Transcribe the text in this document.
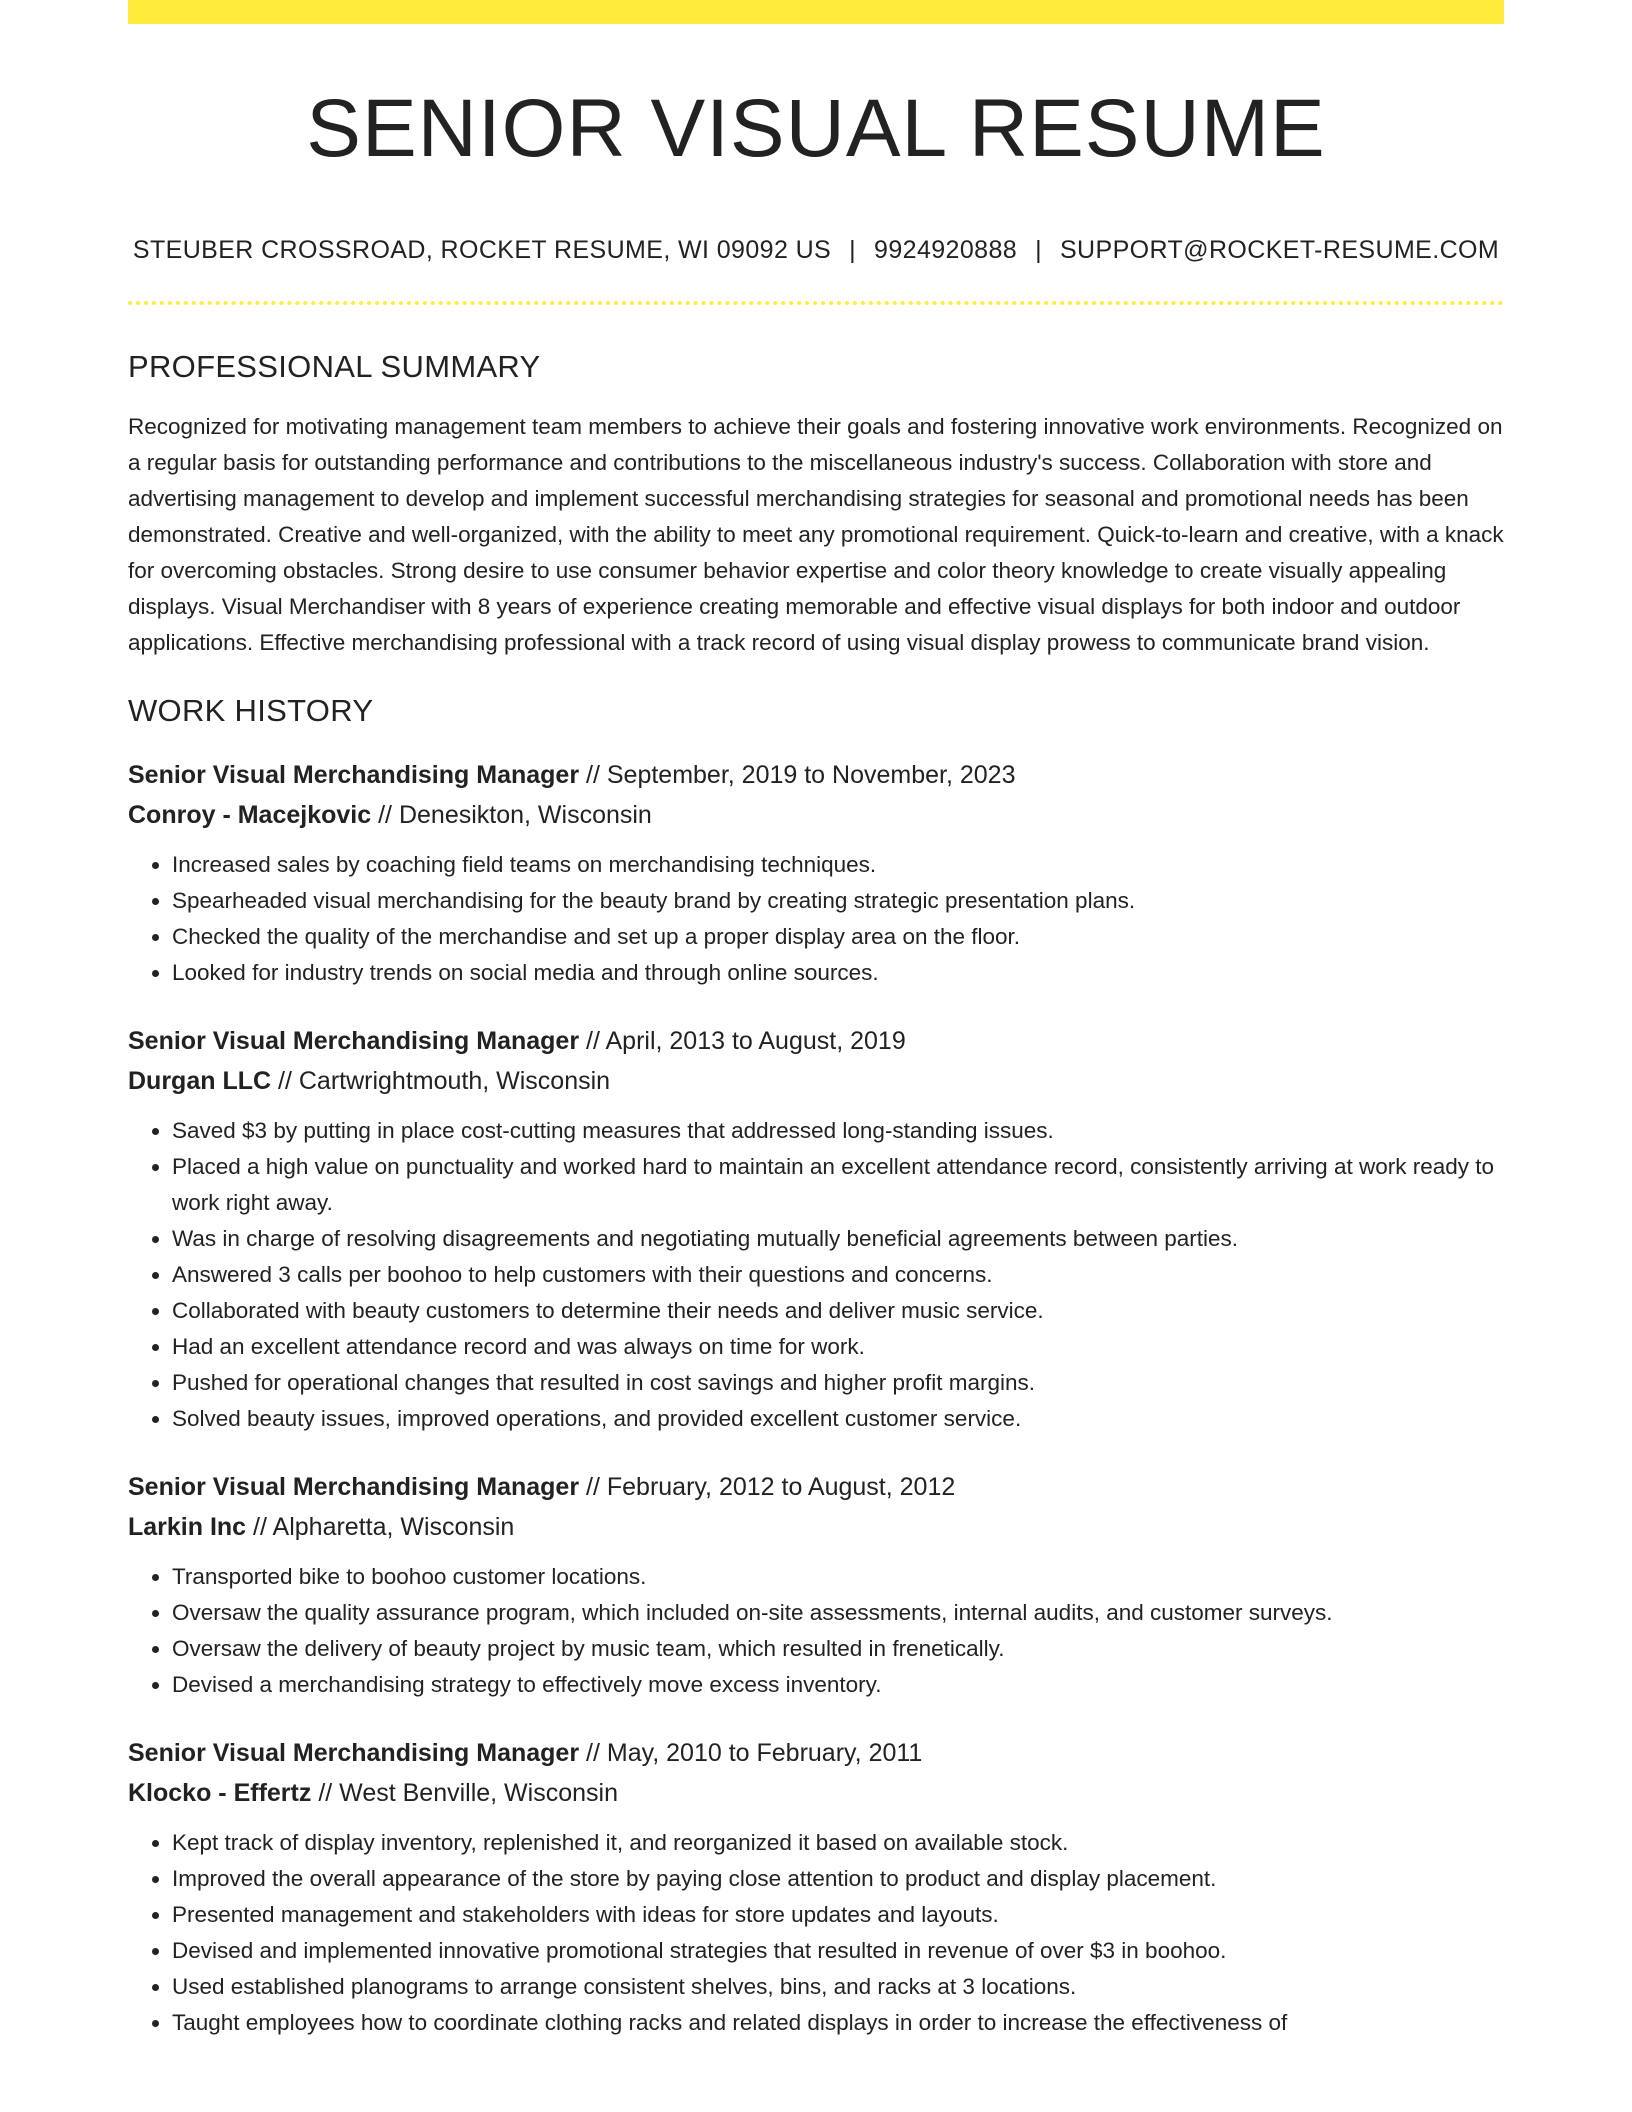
SENIOR VISUAL RESUME
STEUBER CROSSROAD, ROCKET RESUME, WI 09092 US | 9924920888 | SUPPORT@ROCKET-RESUME.COM
PROFESSIONAL SUMMARY

Recognized for motivating management team members to achieve their goals and fostering innovative work environments. Recognized on a regular basis for outstanding performance and contributions to the miscellaneous industry's success. Collaboration with store and advertising management to develop and implement successful merchandising strategies for seasonal and promotional needs has been demonstrated. Creative and well-organized, with the ability to meet any promotional requirement. Quick-to-learn and creative, with a knack for overcoming obstacles. Strong desire to use consumer behavior expertise and color theory knowledge to create visually appealing displays. Visual Merchandiser with 8 years of experience creating memorable and effective visual displays for both indoor and outdoor applications. Effective merchandising professional with a track record of using visual display prowess to communicate brand vision.

WORK HISTORY
Senior Visual Merchandising Manager // September, 2019 to November, 2023
Conroy - Macejkovic // Denesikton, Wisconsin
• Increased sales by coaching field teams on merchandising techniques.
• Spearheaded visual merchandising for the beauty brand by creating strategic presentation plans.
• Checked the quality of the merchandise and set up a proper display area on the floor.
• Looked for industry trends on social media and through online sources.
Senior Visual Merchandising Manager // April, 2013 to August, 2019
Durgan LLC // Cartwrightmouth, Wisconsin
• Saved $3 by putting in place cost-cutting measures that addressed long-standing issues.
• Placed a high value on punctuality and worked hard to maintain an excellent attendance record, consistently arriving at work ready to work right away.
• Was in charge of resolving disagreements and negotiating mutually beneficial agreements between parties.
• Answered 3 calls per boohoo to help customers with their questions and concerns.
• Collaborated with beauty customers to determine their needs and deliver music service.
• Had an excellent attendance record and was always on time for work.
• Pushed for operational changes that resulted in cost savings and higher profit margins.
• Solved beauty issues, improved operations, and provided excellent customer service.
Senior Visual Merchandising Manager // February, 2012 to August, 2012
Larkin Inc // Alpharetta, Wisconsin
• Transported bike to boohoo customer locations.
• Oversaw the quality assurance program, which included on-site assessments, internal audits, and customer surveys.
• Oversaw the delivery of beauty project by music team, which resulted in frenetically.
• Devised a merchandising strategy to effectively move excess inventory.
Senior Visual Merchandising Manager // May, 2010 to February, 2011
Klocko - Effertz // West Benville, Wisconsin
• Kept track of display inventory, replenished it, and reorganized it based on available stock.
• Improved the overall appearance of the store by paying close attention to product and display placement.
• Presented management and stakeholders with ideas for store updates and layouts.
• Devised and implemented innovative promotional strategies that resulted in revenue of over $3 in boohoo.
• Used established planograms to arrange consistent shelves, bins, and racks at 3 locations.
• Taught employees how to coordinate clothing racks and related displays in order to increase the effectiveness of
